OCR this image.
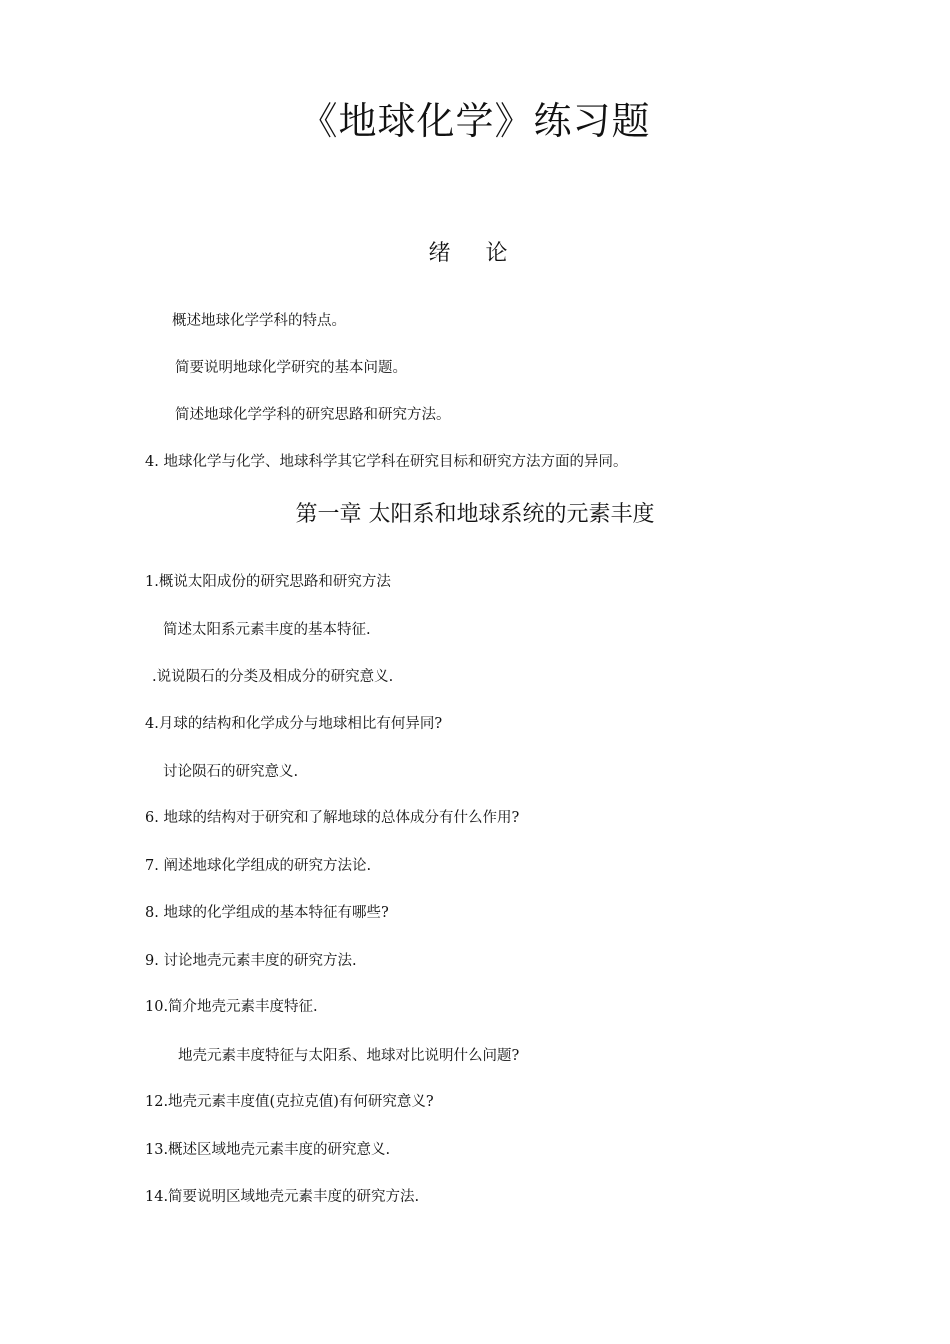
《地球化学》练习题
绪 论

概述地球化学学科的特点。

简要说明地球化学研究的基本问题。

简述地球化学学科的研究思路和研究方法。

4. 地球化学与化学、地球科学其它学科在研究目标和研究方法方面的异同。

第一章 太阳系和地球系统的元素丰度

1.概说太阳成份的研究思路和研究方法

简述太阳系元素丰度的基本特征.

.说说陨石的分类及相成分的研究意义.

4.月球的结构和化学成分与地球相比有何异同?

讨论陨石的研究意义.

6. 地球的结构对于研究和了解地球的总体成分有什么作用?

7. 阐述地球化学组成的研究方法论.

8. 地球的化学组成的基本特征有哪些?

9. 讨论地壳元素丰度的研究方法.

10.简介地壳元素丰度特征.

地壳元素丰度特征与太阳系、地球对比说明什么问题?

12.地壳元素丰度值(克拉克值)有何研究意义?

13.概述区域地壳元素丰度的研究意义.

14.简要说明区域地壳元素丰度的研究方法.
